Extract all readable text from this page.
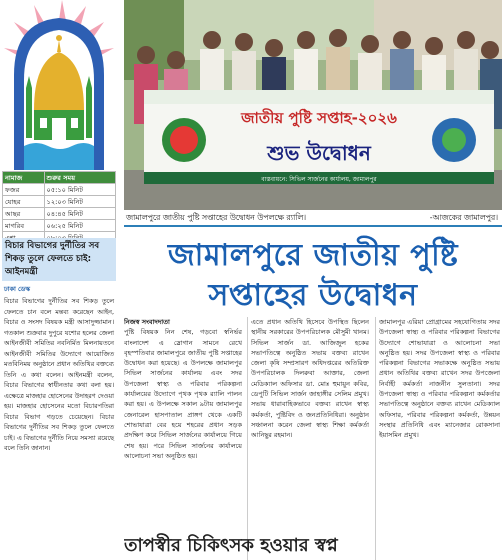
নামাজ	শুরুর সময়
ফজর	০৫:১০ মিনিট
যোহর	১২:০৩ মিনিট
আছর	০৪:৪৫ মিনিট
মাগরিব	০৬:২৫ মিনিট

বিচার বিভাগের দুর্নীতির সব শিকড় তুলে ফেলতে চাই: আইনমন্ত্রী

ঢাকা ডেস্ক

বিচার বিভাগের দুর্নীতির সব শিকড় তুলে ফেলতে চান বলে মন্তব্য করেছেন আইন, বিচার ও সংসদ বিষয়ক মন্ত্রী আসাদুজ্জামান। গতকাল শুক্রবার দুপুরে যশোর হলের জেলা আইনজীবী সমিতির নবনির্মিত মিলনায়তনে আইনজীবী সমিতির উদ্যোগে আয়োজিত মতবিনিময় অনুষ্ঠানে প্রধান অতিথির বক্তব্যে তিনি এ কথা বলেন। আইনমন্ত্রী বলেন, বিচার বিভাগের স্বাধীনতার কথা বলা হয়। এক্ষেত্রে মাজহার হোসেনের উদাহরণ দেওয়া হয়। মাজহার হোসেনের মতো বিচারপতিরা বিচার বিভাগ গড়তে চেয়েছেন। বিচার বিভাগের দুর্নীতির সব শিকড় তুলে ফেলতে চাই। এ বিভাগের দুর্নীতি নিয়ে সমস্যা রয়েছে বলে তিনি জানান।

জাতীয় পুষ্টি সপ্তাহ-২০২৬
শুভ উদ্বোধন
বাস্তবায়নে: সিভিল সার্জনের কার্যালয়, জামালপুর
জামালপুরে জাতীয় পুষ্টি সপ্তাহের উদ্বোধন উপলক্ষে র‌্যালি।	-আজকের জামালপুর।
জামালপুরে জাতীয় পুষ্টি
সপ্তাহের উদ্বোধন
নিজস্ব সংবাদদাতা
পুষ্টি বিষয়ক নিন শেষ, গড়বো স্বনির্ভর বাংলাদেশ এ স্লোগান সামনে রেখে বৃহস্পতিবার জামালপুরে জাতীয় পুষ্টি সপ্তাহের উদ্বোধন করা হয়েছে। এ উপলক্ষে জামালপুর সিভিল সার্জনের কার্যালয় এবং সদর উপজেলা স্বাস্থ্য ও পরিবার পরিকল্পনা কার্যালয়ের উদ্যোগে পৃথক পৃথক র‌্যালি পালন করা হয়। এ উপলক্ষে সকাল ৯টায় জামালপুর জেনারেল হাসপাতাল প্রাঙ্গণ থেকে একটি শোভাযাত্রা বের হয়ে শহরের প্রধান সড়ক প্রদক্ষিণ করে সিভিল সার্জনের কার্যালয়ে গিয়ে শেষ হয়। পরে সিভিল সার্জনের কার্যালয়ে আলোচনা সভা অনুষ্ঠিত হয়।
এতে প্রধান অতিথি হিসেবে উপস্থিত ছিলেন স্থানীয় সরকারের উপপরিচালক মৌসুমী খানম। সিভিল সার্জন ডা. আজিজুল হকের সভাপতিত্বে অনুষ্ঠিত সভায় বক্তব্য রাখেন জেলা কৃষি সম্প্রসারণ অধিদপ্তরের অতিরিক্ত উপপরিচালক দিলরুবা আক্তার, জেলা মেডিক্যাল অফিসার ডা. মোঃ হুমায়ুন কবির, ডেপুটি সিভিল সার্জন জাহাঙ্গীর সেলিম প্রমুখ। সভায় ধারাবাহিকভাবে বক্তব্য রাখেন স্বাস্থ্য কর্মকর্তা, পুষ্টিবিদ ও জনপ্রতিনিধিরা। অনুষ্ঠান সঞ্চালনা করেন জেলা স্বাস্থ্য শিক্ষা কর্মকর্তা আনিছুর রহমান।
জামালপুর এরিয়া প্রোগ্রামের সহযোগিতায় সদর উপজেলা স্বাস্থ্য ও পরিবার পরিকল্পনা বিভাগের উদ্যোগে শোভাযাত্রা ও আলোচনা সভা অনুষ্ঠিত হয়। সদর উপজেলা স্বাস্থ্য ও পরিবার পরিকল্পনা বিভাগের সভাকক্ষে অনুষ্ঠিত সভায় প্রধান অতিথির বক্তব্য রাখেন সদর উপজেলা নির্বাহী কর্মকর্তা নাজনীন সুলতানা। সদর উপজেলা স্বাস্থ্য ও পরিবার পরিকল্পনা কর্মকর্তার সভাপতিত্বে অনুষ্ঠানে বক্তব্য রাখেন মেডিক্যাল অফিসার, পরিবার পরিকল্পনা কর্মকর্তা, উন্নয়ন সংস্থার প্রতিনিধি এবং ম্যানেজার রোকসানা ইয়াসমিন প্রমুখ।
তাপস্বীর চিকিৎসক হওয়ার স্বপ্ন
